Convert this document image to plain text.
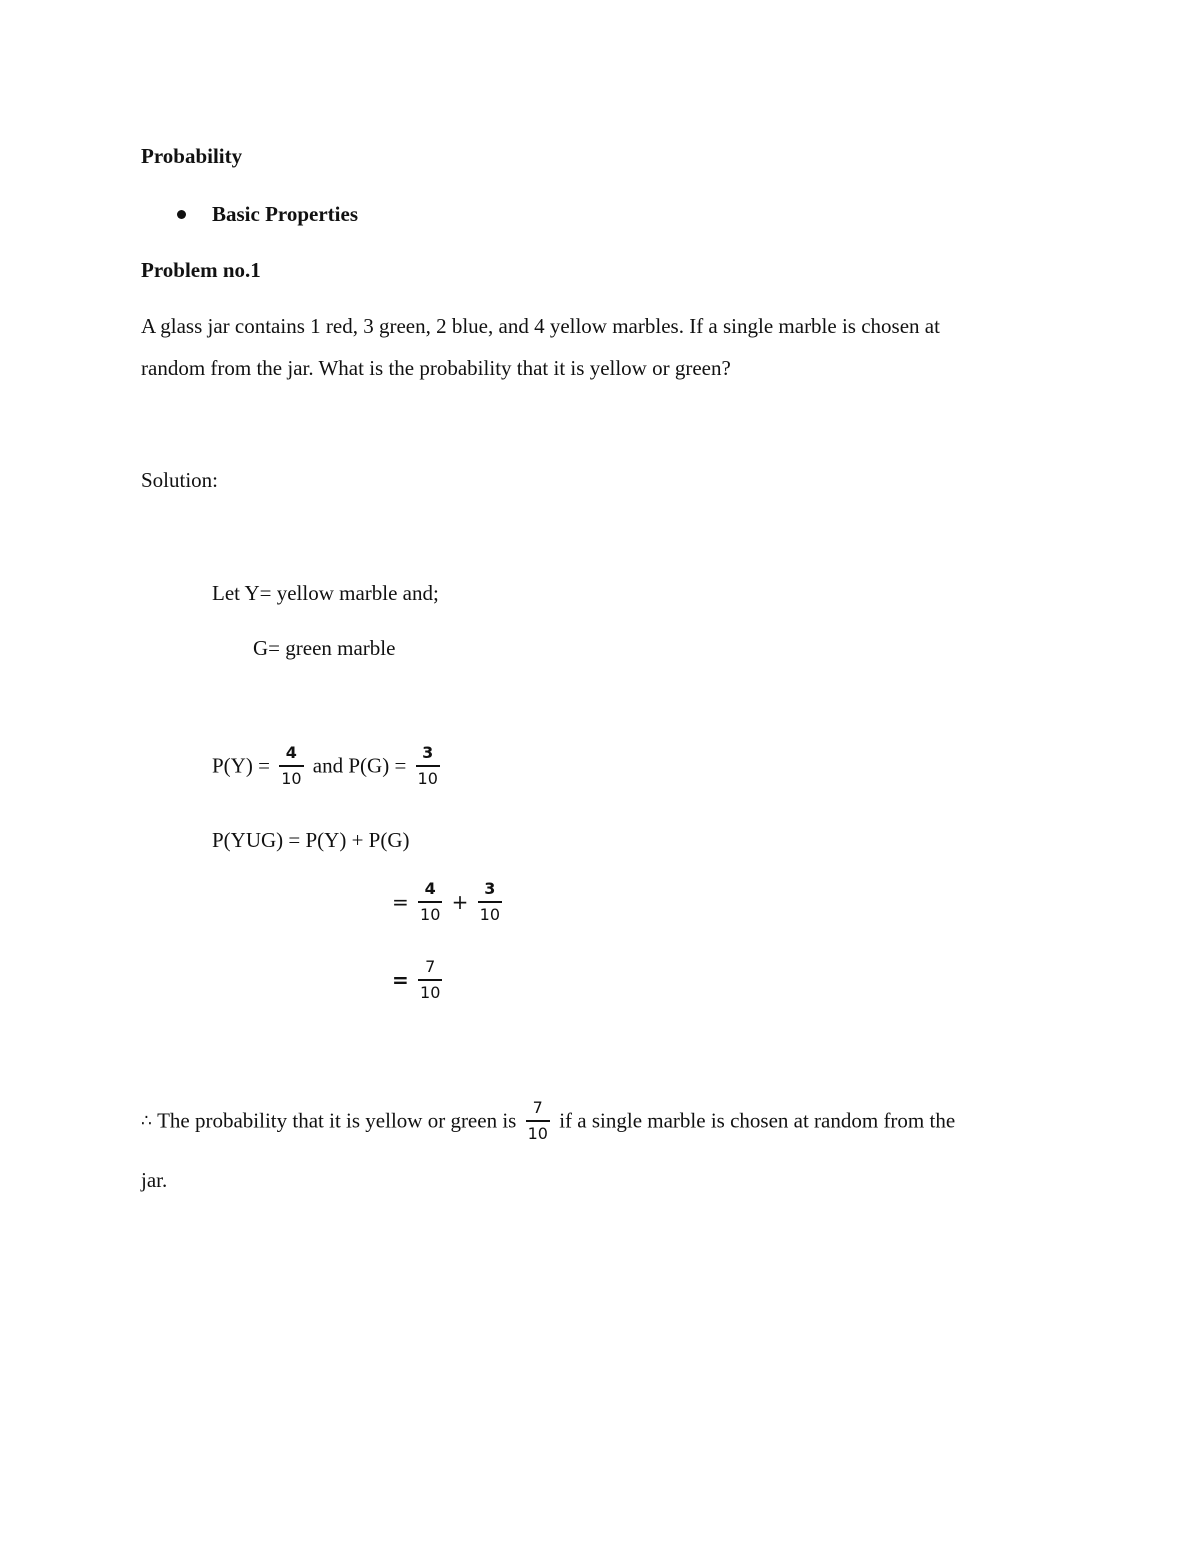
Probability
Basic Properties
Problem no.1
A glass jar contains 1 red, 3 green, 2 blue, and 4 yellow marbles. If a single marble is chosen at
random from the jar. What is the probability that it is yellow or green?
Solution:
Let Y= yellow marble and;
G= green marble
$P(Y) = \frac{4}{10}$ and $P(G) = \frac{3}{10}$
P(YUG) = P(Y) + P(G)
= $\frac{4}{10} + \frac{3}{10}$
= $\frac{7}{10}$
∴ The probability that it is yellow or green is $\frac{7}{10}$ if a single marble is chosen at random from the
jar.
